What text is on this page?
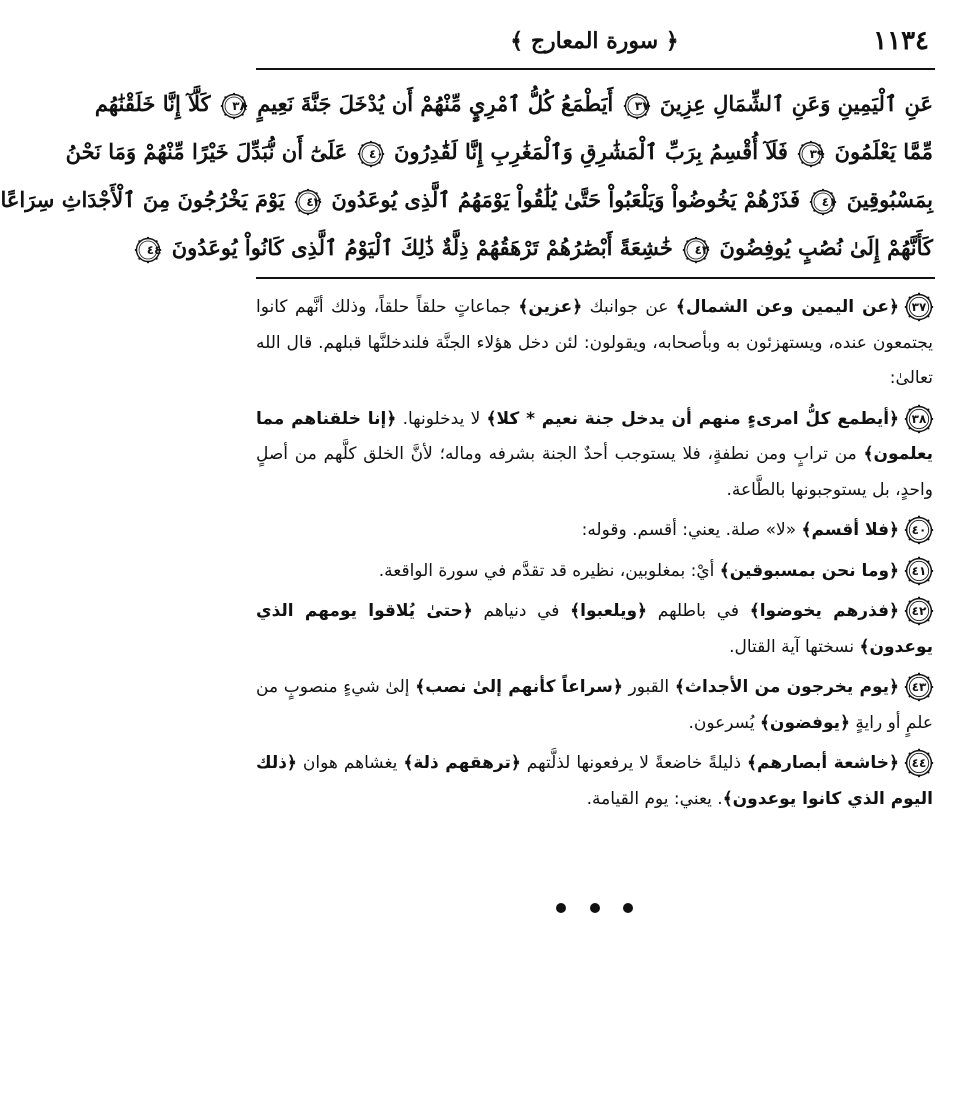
١١٣٤
﴿ سورة المعارج ﴾
عَنِ ٱلْيَمِينِ وَعَنِ ٱلشِّمَالِ عِزِينَ
٣٧ أَيَطْمَعُ كُلُّ ٱمْرِيٍٕ مِّنْهُمْ أَن يُدْخَلَ جَنَّةَ نَعِيمٍ
٣٨ كَلَّآ إِنَّا خَلَقْنَٰهُم
مِّمَّا يَعْلَمُونَ
٣٩ فَلَآ أُقْسِمُ بِرَبِّ ٱلْمَشَٰرِقِ وَٱلْمَغَٰرِبِ إِنَّا لَقَٰدِرُونَ
٤٠ عَلَىٰٓ أَن نُّبَدِّلَ خَيْرًا مِّنْهُمْ وَمَا نَحْنُ
بِمَسْبُوقِينَ
٤١ فَذَرْهُمْ يَخُوضُواْ وَيَلْعَبُواْ حَتَّىٰ يُلَٰقُواْ يَوْمَهُمُ ٱلَّذِى يُوعَدُونَ
٤٢ يَوْمَ يَخْرُجُونَ مِنَ ٱلْأَجْدَاثِ سِرَاعًا
كَأَنَّهُمْ إِلَىٰ نُصُبٍ يُوفِضُونَ
٤٣ خَٰشِعَةً أَبْصَٰرُهُمْ تَرْهَقُهُمْ ذِلَّةٌ ذَٰلِكَ ٱلْيَوْمُ ٱلَّذِى كَانُواْ يُوعَدُونَ
٤٤

٣٧﴿عن اليمين وعن الشمال﴾ عن جوانبك ﴿عزين﴾ جماعاتٍ حلقاً حلقاً، وذلك أنَّهم كانوا يجتمعون عنده، ويستهزئون به وبأصحابه، ويقولون: لئن دخل هؤلاء الجنَّة فلندخلنَّها قبلهم. قال الله تعالىٰ:

٣٨﴿أيطمع كلُّ امرىءٍ منهم أن يدخل جنة نعيم * كلا﴾ لا يدخلونها. ﴿إنا خلقناهم مما يعلمون﴾ من ترابٍ ومن نطفةٍ، فلا يستوجب أحدٌ الجنة بشرفه وماله؛ لأنَّ الخلق كلَّهم من أصلٍ واحدٍ، بل يستوجبونها بالطَّاعة.

٤٠﴿فلا أقسم﴾ «لا» صلة. يعني: أقسم. وقوله:

٤١﴿وما نحن بمسبوقين﴾ أيْ: بمغلوبين، نظيره قد تقدَّم في سورة الواقعة.

٤٢﴿فذرهم يخوضوا﴾ في باطلهم ﴿ويلعبوا﴾ في دنياهم ﴿حتىٰ يُلاقوا يومهم الذي يوعدون﴾ نسختها آية القتال.

٤٣﴿يوم يخرجون من الأجداث﴾ القبور ﴿سراعاً كأنهم إلىٰ نصب﴾ إلىٰ شيءٍ منصوبٍ من علمٍ أو رايةٍ ﴿يوفضون﴾ يُسرعون.

٤٤﴿خاشعة أبصارهم﴾ ذليلةً خاضعةً لا يرفعونها لذلَّتهم ﴿ترهقهم ذلة﴾ يغشاهم هوان ﴿ذلك اليوم الذي كانوا يوعدون﴾. يعني: يوم القيامة.
